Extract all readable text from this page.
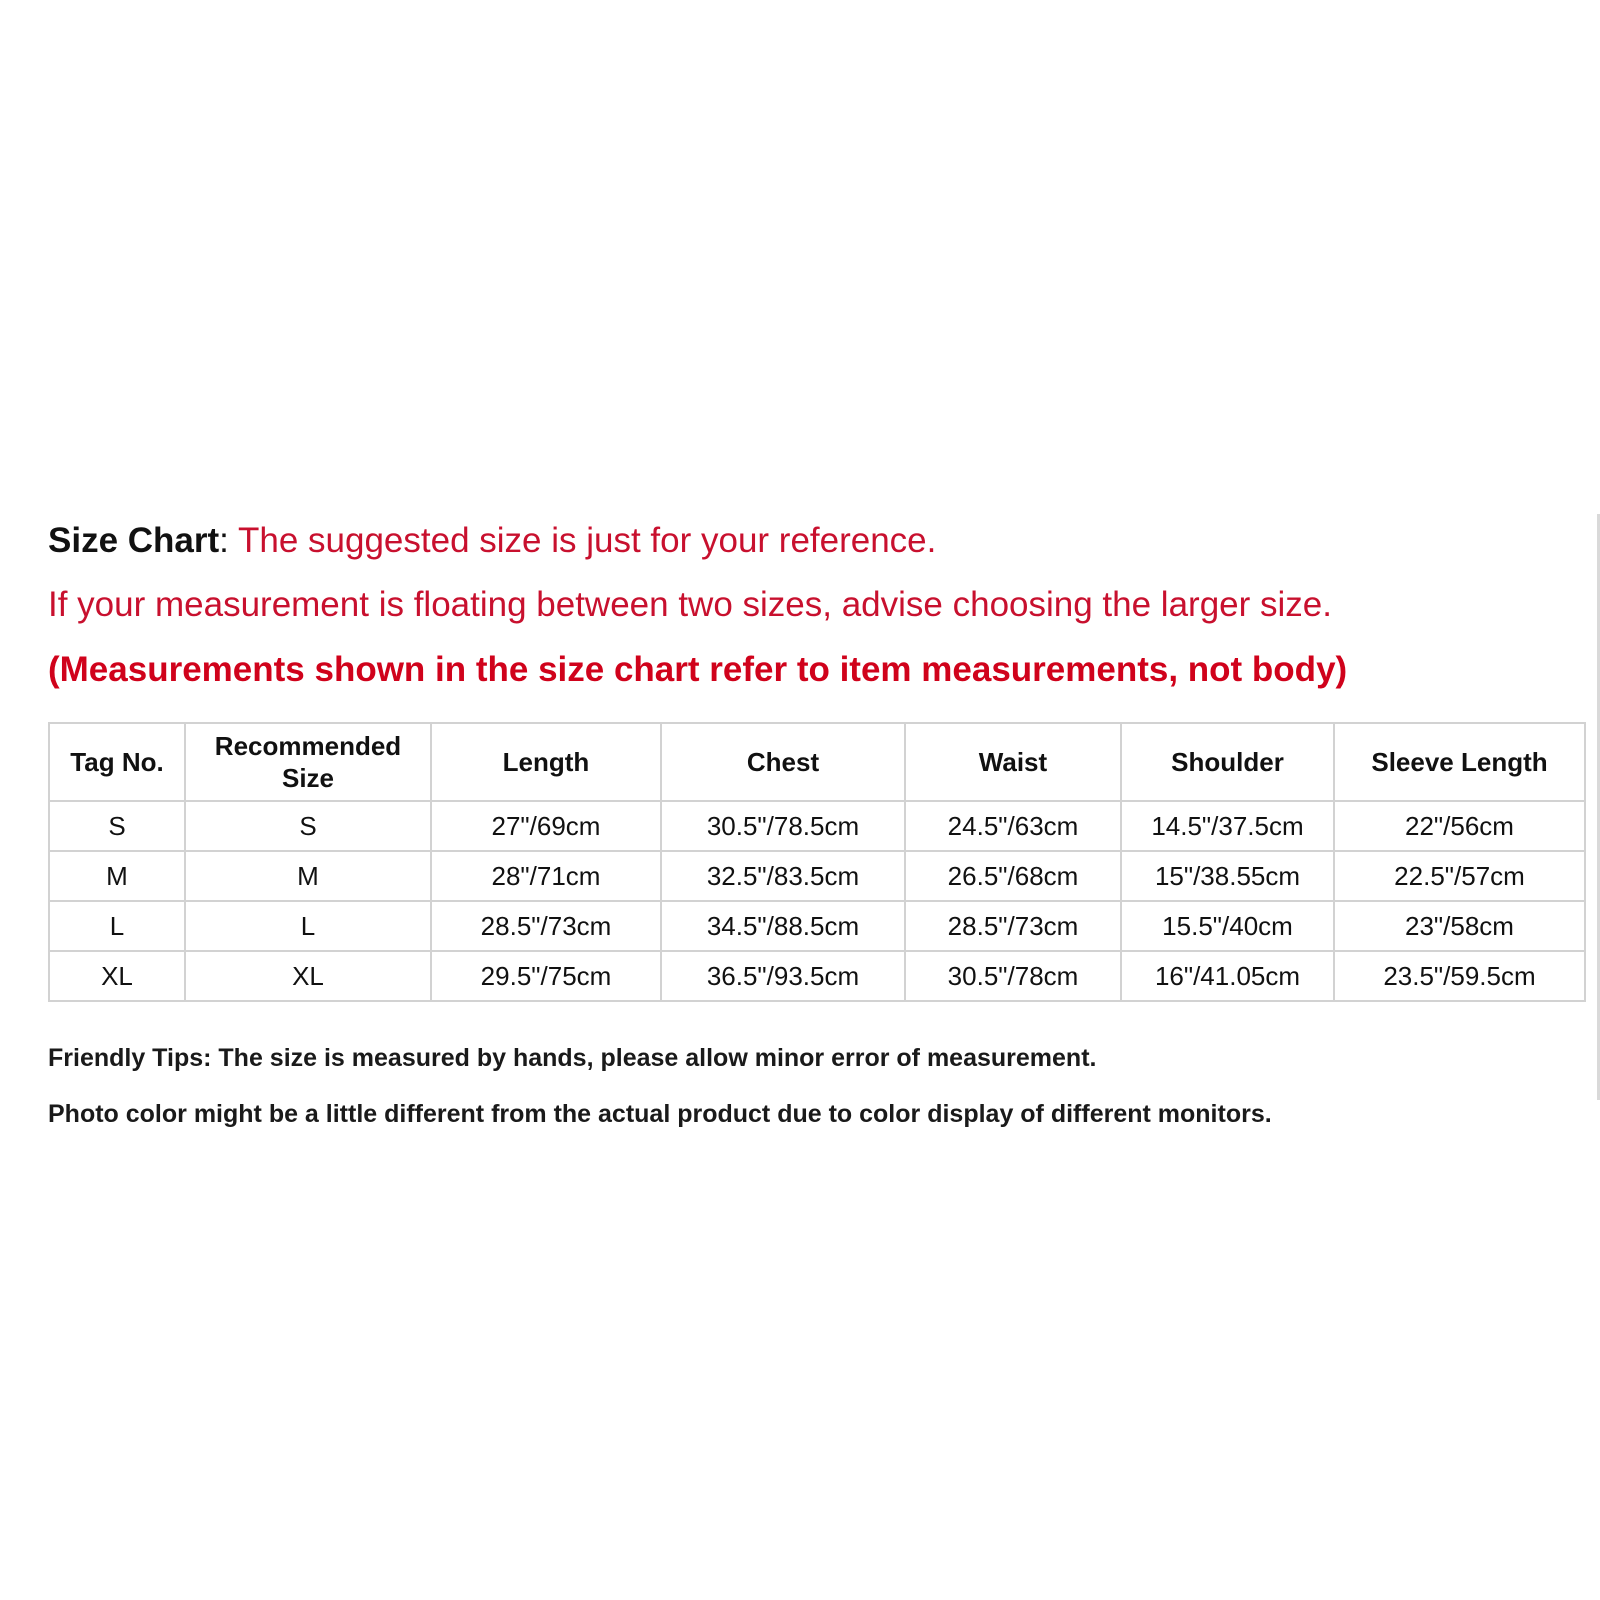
Size Chart: The suggested size is just for your reference.
If your measurement is floating between two sizes, advise choosing the larger size.
(Measurements shown in the size chart refer to item measurements, not body)
Tag No.	Recommended Size	Length	Chest	Waist	Shoulder	Sleeve Length
S	S	27"/69cm	30.5"/78.5cm	24.5"/63cm	14.5"/37.5cm	22"/56cm
M	M	28"/71cm	32.5"/83.5cm	26.5"/68cm	15"/38.55cm	22.5"/57cm
L	L	28.5"/73cm	34.5"/88.5cm	28.5"/73cm	15.5"/40cm	23"/58cm
XL	XL	29.5"/75cm	36.5"/93.5cm	30.5"/78cm	16"/41.05cm	23.5"/59.5cm
Friendly Tips: The size is measured by hands, please allow minor error of measurement.
Photo color might be a little different from the actual product due to color display of different monitors.
